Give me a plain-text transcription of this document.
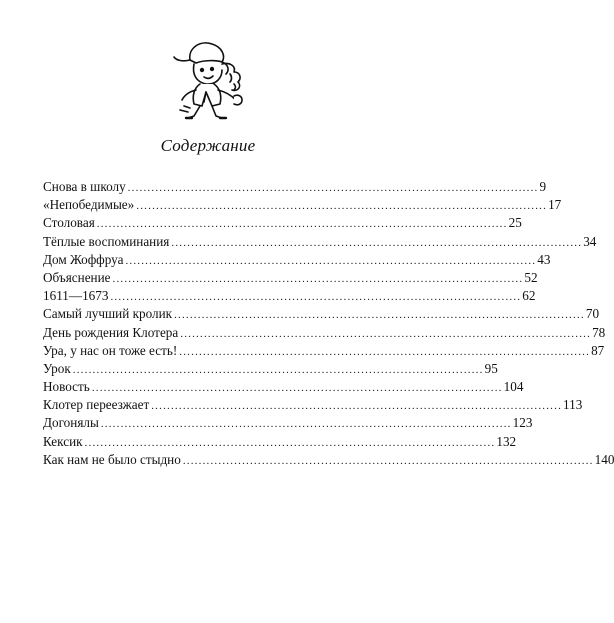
Содержание
Снова в школу ........................................................................................................ 9
«Непобедимые» ........................................................................................................ 17
Столовая ........................................................................................................ 25
Тёплые воспоминания ........................................................................................................ 34
Дом Жоффруа ........................................................................................................ 43
Объяснение ........................................................................................................ 52
1611—1673 ........................................................................................................ 62
Самый лучший кролик ........................................................................................................ 70
День рождения Клотера ........................................................................................................ 78
Ура, у нас он тоже есть! ........................................................................................................ 87
Урок ........................................................................................................ 95
Новость ........................................................................................................ 104
Клотер переезжает ........................................................................................................ 113
Догонялы ........................................................................................................ 123
Кексик ........................................................................................................ 132
Как нам не было стыдно ........................................................................................................ 140
